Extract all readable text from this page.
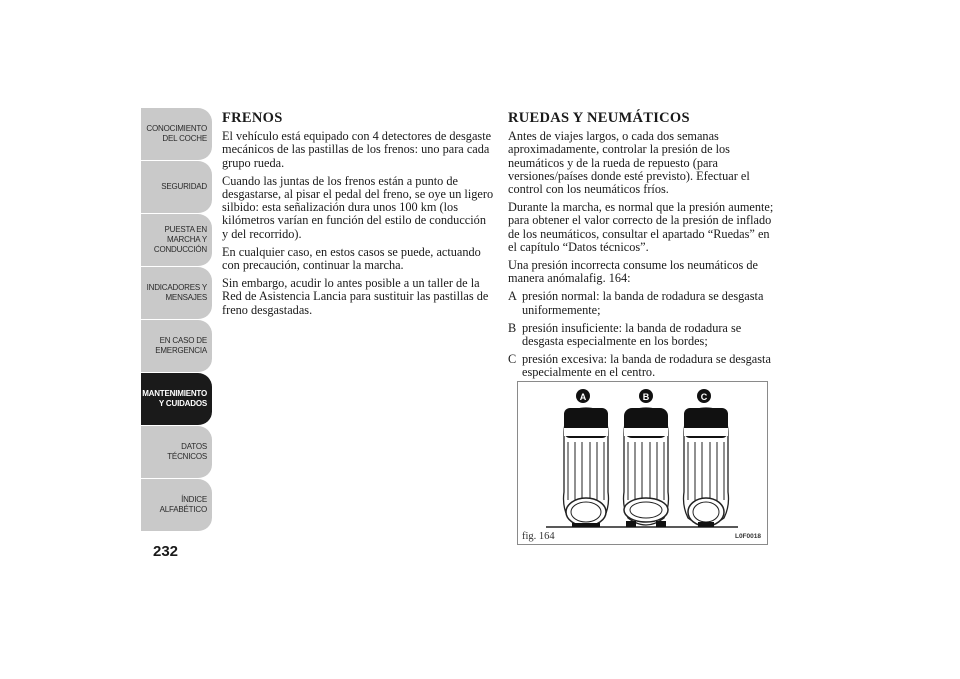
CONOCIMIENTO
DEL COCHE
SEGURIDAD
PUESTA EN
MARCHA Y
CONDUCCIÓN
INDICADORES Y
MENSAJES
EN CASO DE
EMERGENCIA
MANTENIMIENTO
Y CUIDADOS
DATOS TÉCNICOS
ÍNDICE
ALFABÉTICO
232
FRENOS

El vehículo está equipado con 4 detectores de desgaste mecánicos de las pastillas de los frenos: uno para cada grupo rueda.

Cuando las juntas de los frenos están a punto de desgastarse, al pisar el pedal del freno, se oye un ligero silbido: esta señalización dura unos 100 km (los kilómetros varían en función del estilo de conducción y del recorrido).

En cualquier caso, en estos casos se puede, actuando con precaución, continuar la marcha.

Sin embargo, acudir lo antes posible a un taller de la Red de Asistencia Lancia para sustituir las pastillas de freno desgastadas.

RUEDAS Y NEUMÁTICOS

Antes de viajes largos, o cada dos semanas aproximadamente, controlar la presión de los neumáticos y de la rueda de repuesto (para versiones/países donde esté previsto). Efectuar el control con los neumáticos fríos.

Durante la marcha, es normal que la presión aumente; para obtener el valor correcto de la presión de inflado de los neumáticos, consultar el apartado “Ruedas” en el capítulo “Datos técnicos”.

Una presión incorrecta consume los neumáticos de manera anómalafig. 164:

A presión normal: la banda de rodadura se desgasta uniformemente;
B presión insuficiente: la banda de rodadura se desgasta especialmente en los bordes;
C presión excesiva: la banda de rodadura se desgasta especialmente en el centro.
A	B	C
fig. 164	L0F0018
